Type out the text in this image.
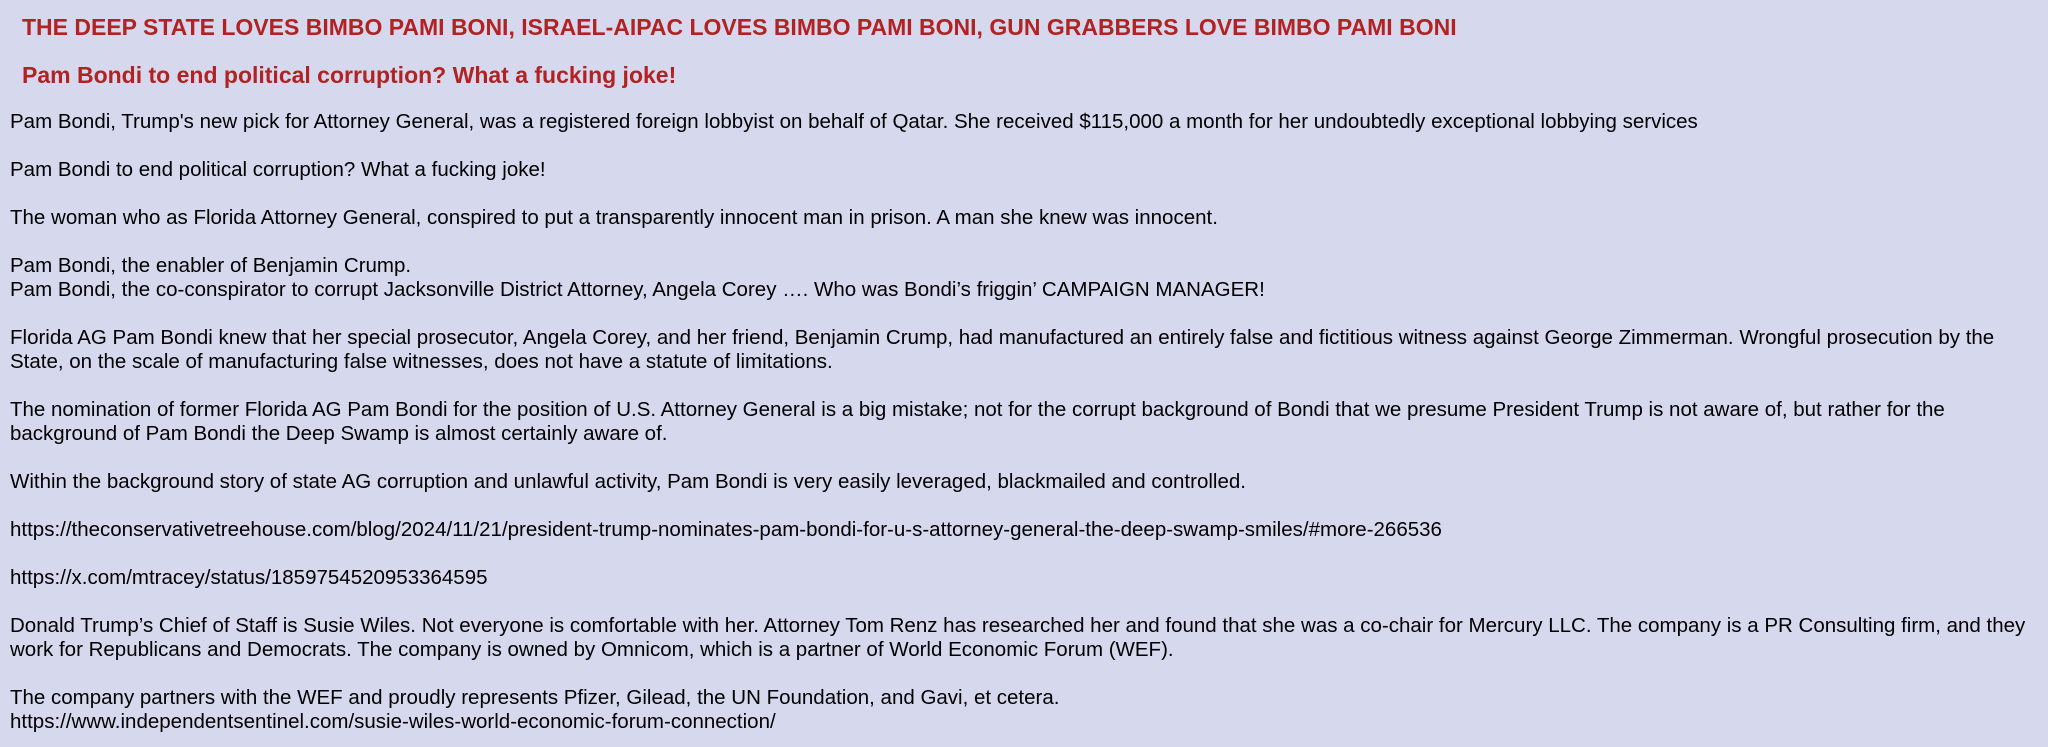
THE DEEP STATE LOVES BIMBO PAMI BONI, ISRAEL-AIPAC LOVES BIMBO PAMI BONI, GUN GRABBERS LOVE BIMBO PAMI BONI
Pam Bondi to end political corruption? What a fucking joke!

Pam Bondi, Trump's new pick for Attorney General, was a registered foreign lobbyist on behalf of Qatar. She received $115,000 a month for her undoubtedly exceptional lobbying services

Pam Bondi to end political corruption? What a fucking joke!

The woman who as Florida Attorney General, conspired to put a transparently innocent man in prison. A man she knew was innocent.

Pam Bondi, the enabler of Benjamin Crump.
Pam Bondi, the co-conspirator to corrupt Jacksonville District Attorney, Angela Corey …. Who was Bondi’s friggin’ CAMPAIGN MANAGER!

Florida AG Pam Bondi knew that her special prosecutor, Angela Corey, and her friend, Benjamin Crump, had manufactured an entirely false and fictitious witness against George Zimmerman. Wrongful prosecution by the State, on the scale of manufacturing false witnesses, does not have a statute of limitations.

The nomination of former Florida AG Pam Bondi for the position of U.S. Attorney General is a big mistake; not for the corrupt background of Bondi that we presume President Trump is not aware of, but rather for the background of Pam Bondi the Deep Swamp is almost certainly aware of.

Within the background story of state AG corruption and unlawful activity, Pam Bondi is very easily leveraged, blackmailed and controlled.

https://theconservativetreehouse.com/blog/2024/11/21/president-trump-nominates-pam-bondi-for-u-s-attorney-general-the-deep-swamp-smiles/#more-266536

https://x.com/mtracey/status/1859754520953364595

Donald Trump’s Chief of Staff is Susie Wiles. Not everyone is comfortable with her. Attorney Tom Renz has researched her and found that she was a co-chair for Mercury LLC. The company is a PR Consulting firm, and they work for Republicans and Democrats. The company is owned by Omnicom, which is a partner of World Economic Forum (WEF).

The company partners with the WEF and proudly represents Pfizer, Gilead, the UN Foundation, and Gavi, et cetera.
https://www.independentsentinel.com/susie-wiles-world-economic-forum-connection/
